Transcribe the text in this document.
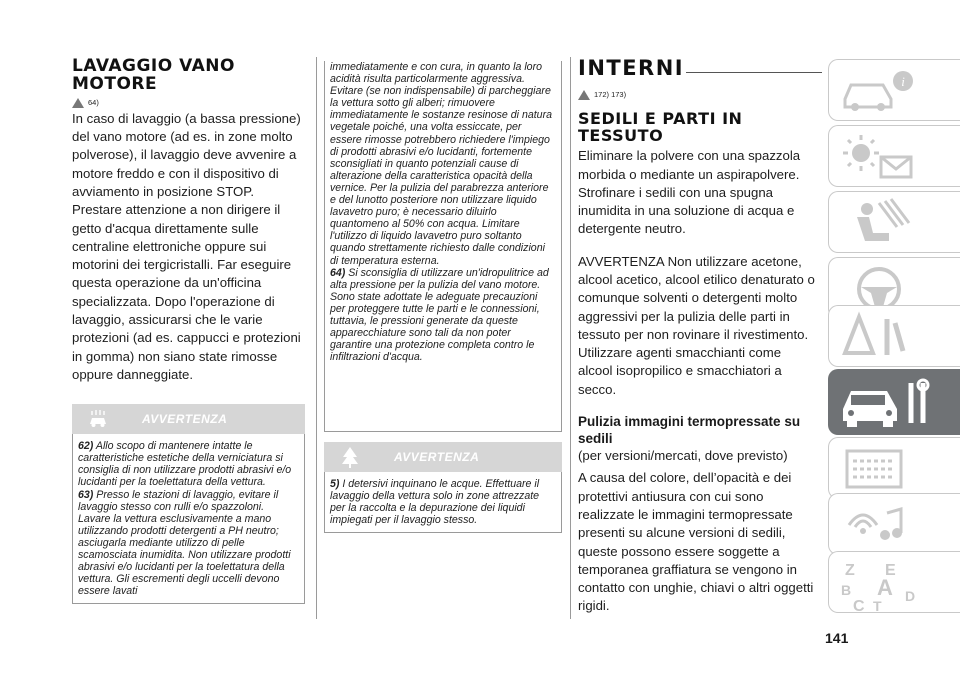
LAVAGGIO VANO MOTORE
64)

In caso di lavaggio (a bassa pressione) del vano motore (ad es. in zone molto polverose), il lavaggio deve avvenire a motore freddo e con il dispositivo di avviamento in posizione STOP. Prestare attenzione a non dirigere il getto d'acqua direttamente sulle centraline elettroniche oppure sui motorini dei tergicristalli. Far eseguire questa operazione da un'officina specializzata. Dopo l'operazione di lavaggio, assicurarsi che le varie protezioni (ad es. cappucci e protezioni in gomma) non siano state rimosse oppure danneggiate.

AVVERTENZA

62) Allo scopo di mantenere intatte le caratteristiche estetiche della verniciatura si consiglia di non utilizzare prodotti abrasivi e/o lucidanti per la toelettatura della vettura.

63) Presso le stazioni di lavaggio, evitare il lavaggio stesso con rulli e/o spazzoloni. Lavare la vettura esclusivamente a mano utilizzando prodotti detergenti a PH neutro; asciugarla mediante utilizzo di pelle scamosciata inumidita. Non utilizzare prodotti abrasivi e/o lucidanti per la toelettatura della vettura. Gli escrementi degli uccelli devono essere lavati

immediatamente e con cura, in quanto la loro acidità risulta particolarmente aggressiva. Evitare (se non indispensabile) di parcheggiare la vettura sotto gli alberi; rimuovere immediatamente le sostanze resinose di natura vegetale poiché, una volta essiccate, per essere rimosse potrebbero richiedere l'impiego di prodotti abrasivi e/o lucidanti, fortemente sconsigliati in quanto potenziali cause di alterazione della caratteristica opacità della vernice. Per la pulizia del parabrezza anteriore e del lunotto posteriore non utilizzare liquido lavavetro puro; è necessario diluirlo quantomeno al 50% con acqua. Limitare l'utilizzo di liquido lavavetro puro soltanto quando strettamente richiesto dalle condizioni di temperatura esterna.

64) Si sconsiglia di utilizzare un'idropulitrice ad alta pressione per la pulizia del vano motore. Sono state adottate le adeguate precauzioni per proteggere tutte le parti e le connessioni, tuttavia, le pressioni generate da queste apparecchiature sono tali da non poter garantire una protezione completa contro le infiltrazioni d'acqua.

AVVERTENZA

5) I detersivi inquinano le acque. Effettuare il lavaggio della vettura solo in zone attrezzate per la raccolta e la depurazione dei liquidi impiegati per il lavaggio stesso.

INTERNI
172) 173)
SEDILI E PARTI IN TESSUTO

Eliminare la polvere con una spazzola morbida o mediante un aspirapolvere. Strofinare i sedili con una spugna inumidita in una soluzione di acqua e detergente neutro.

AVVERTENZA Non utilizzare acetone, alcool acetico, alcool etilico denaturato o comunque solventi o detergenti molto aggressivi per la pulizia delle parti in tessuto per non rovinare il rivestimento. Utilizzare agenti smacchianti come alcool isopropilico e smacchiatori a secco.

Pulizia immagini termopressate su sedili

(per versioni/mercati, dove previsto)

A causa del colore, dell’opacità e dei protettivi antiusura con cui sono realizzate le immagini termopressate presenti su alcune versioni di sedili, queste possono essere soggette a temporanea graffiatura se vengono in contatto con unghie, chiavi o altri oggetti rigidi.

141
i
Z E
B A
C T
D
